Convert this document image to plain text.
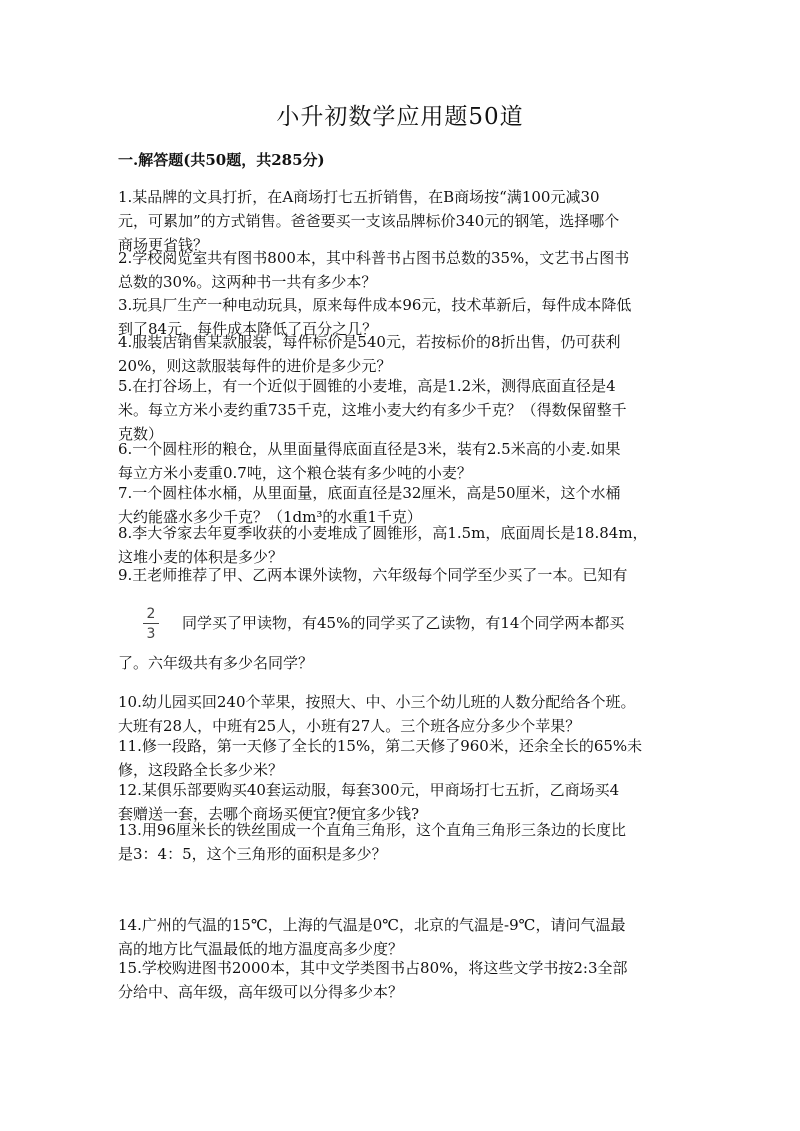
小升初数学应用题50道
一.解答题(共50题，共285分)

1.某品牌的文具打折，在A商场打七五折销售，在B商场按“满100元减30

元，可累加”的方式销售。爸爸要买一支该品牌标价340元的钢笔，选择哪个

商场更省钱？

2.学校阅览室共有图书800本，其中科普书占图书总数的35%，文艺书占图书

总数的30%。这两种书一共有多少本？

3.玩具厂生产一种电动玩具，原来每件成本96元，技术革新后，每件成本降低

到了84元，每件成本降低了百分之几？

4.服装店销售某款服装，每件标价是540元，若按标价的8折出售，仍可获利

20%，则这款服装每件的进价是多少元？

5.在打谷场上，有一个近似于圆锥的小麦堆，高是1.2米，测得底面直径是4

米。每立方米小麦约重735千克，这堆小麦大约有多少千克？（得数保留整千

克数）

6.一个圆柱形的粮仓，从里面量得底面直径是3米，装有2.5米高的小麦.如果

每立方米小麦重0.7吨，这个粮仓装有多少吨的小麦？

7.一个圆柱体水桶，从里面量，底面直径是32厘米，高是50厘米，这个水桶

大约能盛水多少千克？（1dm³的水重1千克）

8.李大爷家去年夏季收获的小麦堆成了圆锥形，高1.5m，底面周长是18.84m，

这堆小麦的体积是多少？

9.王老师推荐了甲、乙两本课外读物，六年级每个同学至少买了一本。已知有

2
3
同学买了甲读物，有45%的同学买了乙读物，有14个同学两本都买

了。六年级共有多少名同学？

10.幼儿园买回240个苹果，按照大、中、小三个幼儿班的人数分配给各个班。

大班有28人，中班有25人，小班有27人。三个班各应分多少个苹果？

11.修一段路，第一天修了全长的15%，第二天修了960米，还余全长的65%未

修，这段路全长多少米？

12.某俱乐部要购买40套运动服，每套300元，甲商场打七五折，乙商场买4

套赠送一套，去哪个商场买便宜?便宜多少钱?

13.用96厘米长的铁丝围成一个直角三角形，这个直角三角形三条边的长度比

是3：4：5，这个三角形的面积是多少？

14.广州的气温的15℃，上海的气温是0℃，北京的气温是-9℃，请问气温最

高的地方比气温最低的地方温度高多少度？

15.学校购进图书2000本，其中文学类图书占80%，将这些文学书按2:3全部

分给中、高年级，高年级可以分得多少本？
